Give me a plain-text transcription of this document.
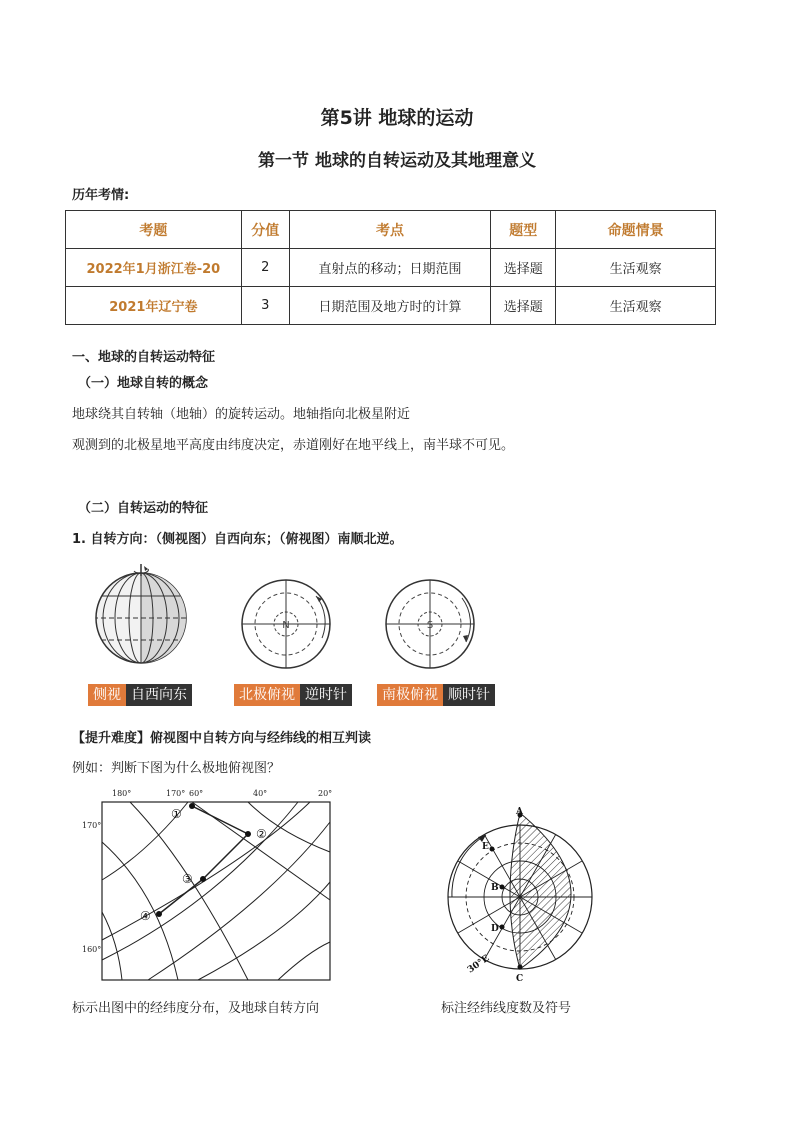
第5讲 地球的运动
第一节 地球的自转运动及其地理意义
历年考情:
考题	分值	考点	题型	命题情景
2022年1月浙江卷-20	2	直射点的移动；日期范围	选择题	生活观察
2021年辽宁卷	3	日期范围及地方时的计算	选择题	生活观察
一、地球的自转运动特征
（一）地球自转的概念
地球绕其自转轴（地轴）的旋转运动。地轴指向北极星附近
观测到的北极星地平高度由纬度决定，赤道刚好在地平线上，南半球不可见。
（二）自转运动的特征
1. 自转方向：（侧视图）自西向东；（俯视图）南顺北逆。
N	S
侧视 自西向东	北极俯视 逆时针	南极俯视 顺时针
【提升难度】俯视图中自转方向与经纬线的相互判读
例如：判断下图为什么极地俯视图？
180°	170° 60°	40°	20°
170°
160°
①
②
③
④
A
E
B
D
C
30°E
标示出图中的经纬度分布，及地球自转方向	标注经纬线度数及符号
